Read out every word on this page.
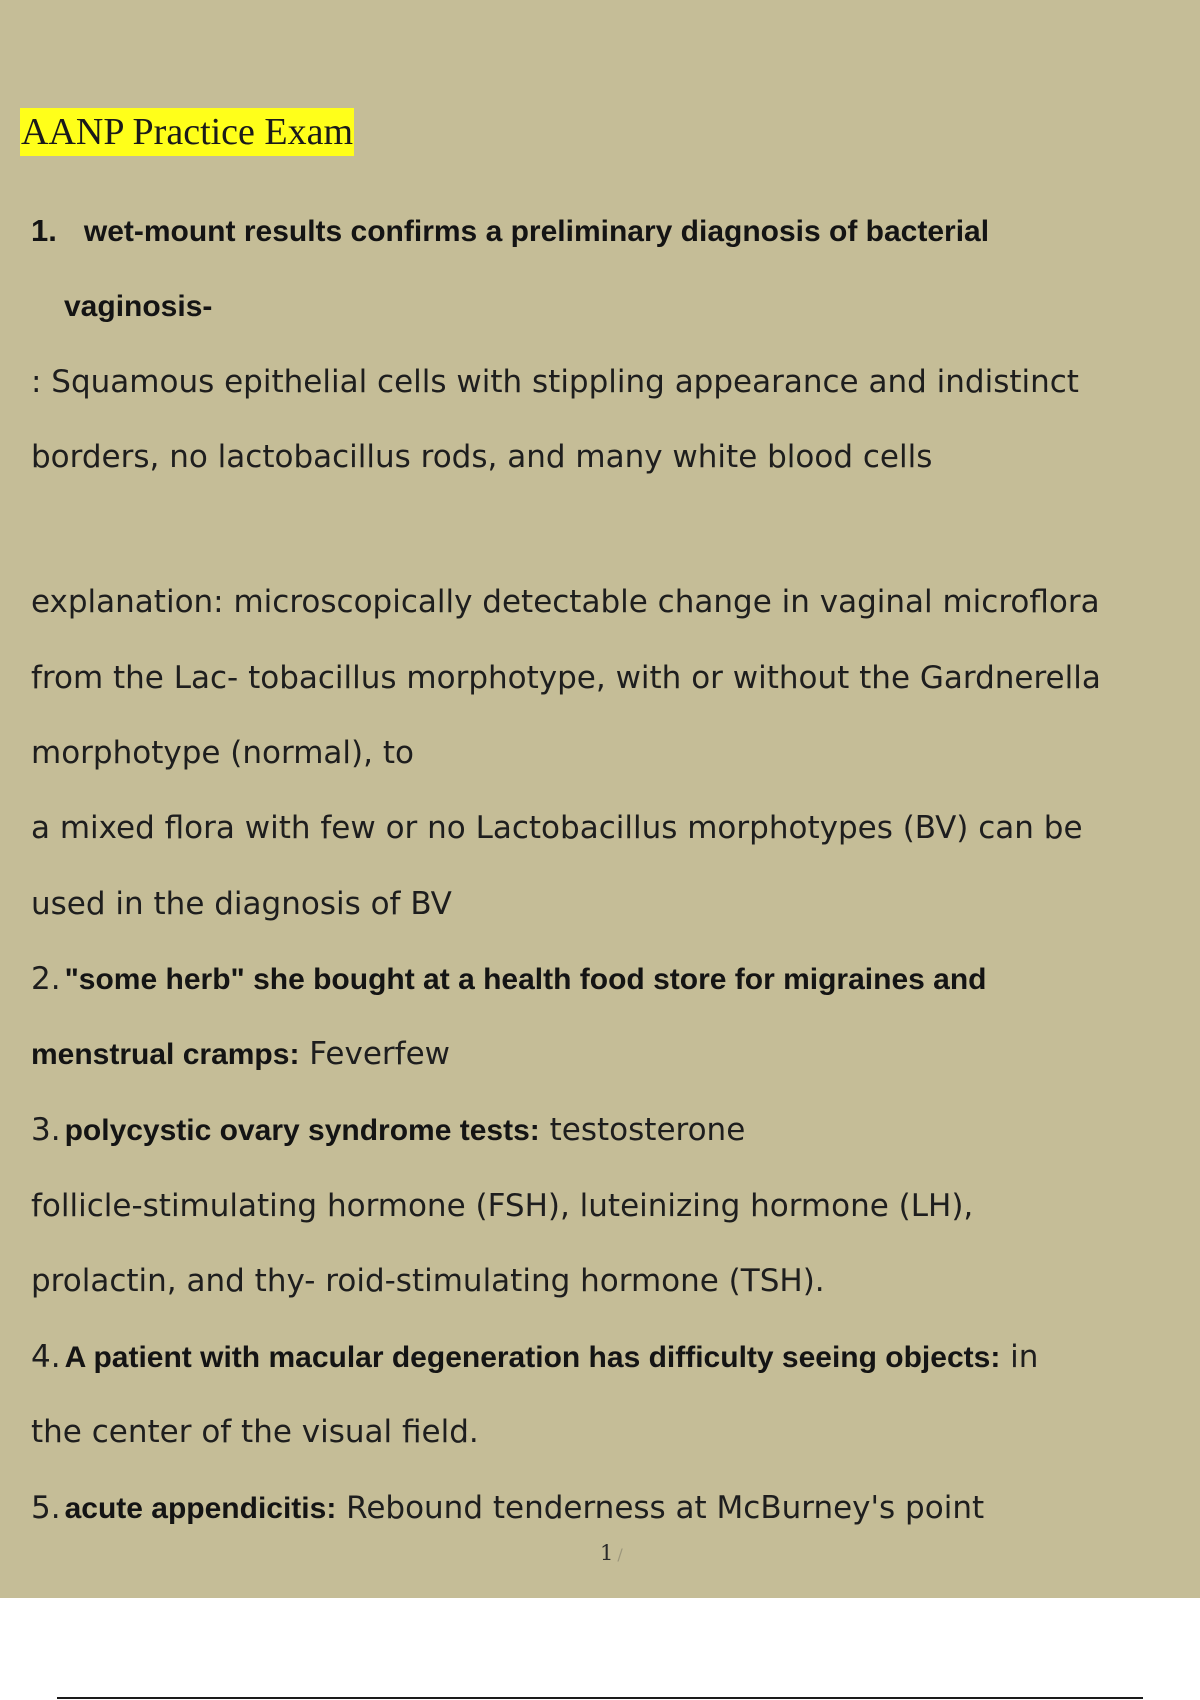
AANP Practice Exam
1. wet-mount results confirms a preliminary diagnosis of bacterial
vaginosis-
: Squamous epithelial cells with stippling appearance and indistinct
borders, no lactobacillus rods, and many white blood cells
explanation: microscopically detectable change in vaginal microflora
from the Lac- tobacillus morphotype, with or without the Gardnerella
morphotype (normal), to
a mixed flora with few or no Lactobacillus morphotypes (BV) can be
used in the diagnosis of BV
2. "some herb" she bought at a health food store for migraines and
menstrual cramps: Feverfew
3. polycystic ovary syndrome tests: testosterone
follicle-stimulating hormone (FSH), luteinizing hormone (LH),
prolactin, and thy- roid-stimulating hormone (TSH).
4. A patient with macular degeneration has difficulty seeing objects: in
the center of the visual field.
5. acute appendicitis: Rebound tenderness at McBurney's point
1 /
